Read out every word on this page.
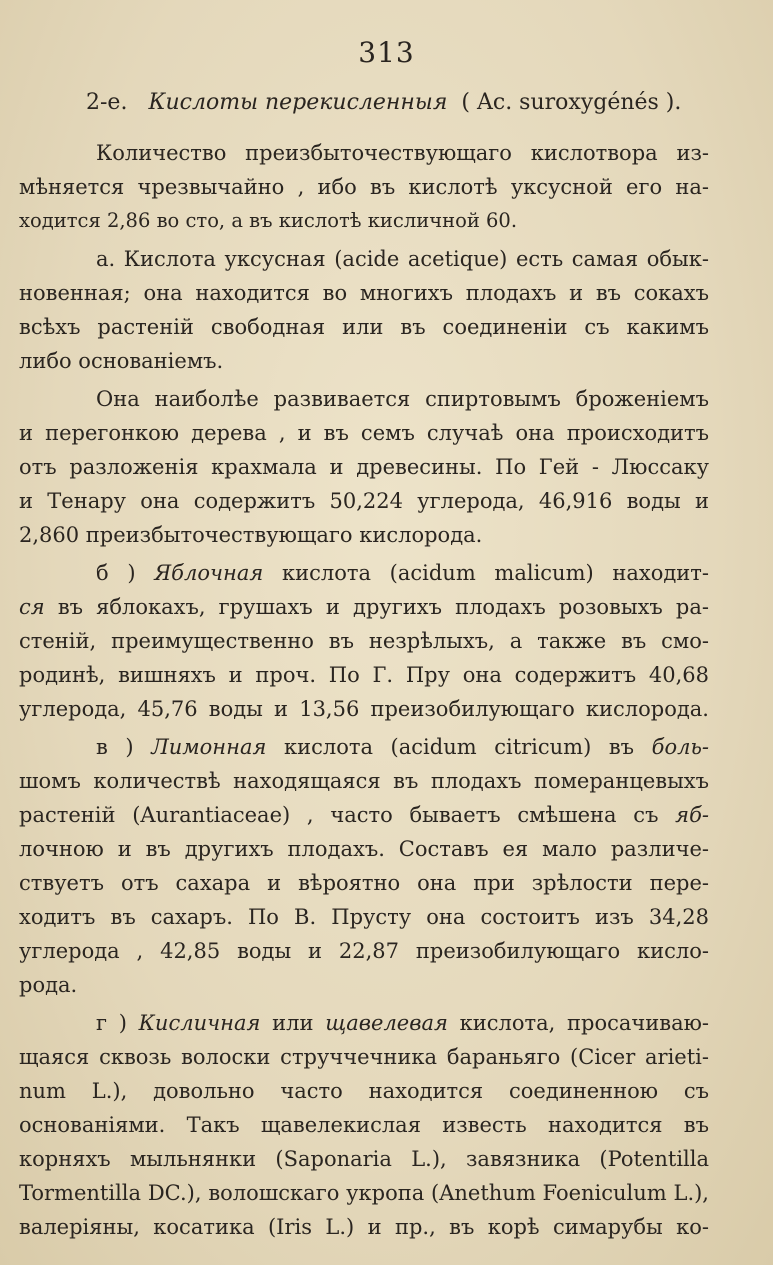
313
2-е. Кислоты перекисленныя ( Ac. surоxygénés ).
Количество преизбыточествующаго кислотвора из-
мѣняется чрезвычайно , ибо въ кислотѣ уксусной его на-
ходится 2,86 во сто, а въ кислотѣ кисличной 60.
а. Кислота уксусная (acide acetique) есть самая обык-
новенная; она находится во многихъ плодахъ и въ сокахъ
всѣхъ растеній свободная или въ соединеніи съ какимъ
либо основаніемъ.
Она наиболѣе развивается спиртовымъ броженіемъ
и перегонкою дерева , и въ семъ случаѣ она происходитъ
отъ разложенія крахмала и древесины. По Гей - Люссаку
и Тенару она содержитъ 50,224 углерода, 46,916 воды и
2,860 преизбыточествующаго кислорода.
б ) Яблочная кислота (acidum malicum) находит-
ся въ яблокахъ, грушахъ и другихъ плодахъ розовыхъ ра-
стеній, преимущественно въ незрѣлыхъ, а также въ смо-
родинѣ, вишняхъ и проч. По Г. Пру она содержитъ 40,68
углерода, 45,76 воды и 13,56 преизобилующаго кислорода.
в ) Лимонная кислота (acidum citricum) въ боль-
шомъ количествѣ находящаяся въ плодахъ померанцевыхъ
растеній (Aurantiaceae) , часто бываетъ смѣшена съ яб-
лочною и въ другихъ плодахъ. Составъ ея мало различе-
ствуетъ отъ сахара и вѣроятно она при зрѣлости пере-
ходитъ въ сахаръ. По В. Прусту она состоитъ изъ 34,28
углерода , 42,85 воды и 22,87 преизобилующаго кисло-
рода.
г ) Кисличная или щавелевая кислота, просачиваю-
щаяся сквозь волоски струччечника бараньяго (Cicer arieti-
num L.), довольно часто находится соединенною съ
основаніями. Такъ щавелекислая известь находится въ
корняхъ мыльнянки (Saponaria L.), завязника (Potentilla
Tormentilla DC.), волошскаго укропа (Anethum Foeniculum L.),
валеріяны, косатика (Iris L.) и пр., въ корѣ симарубы ко-
